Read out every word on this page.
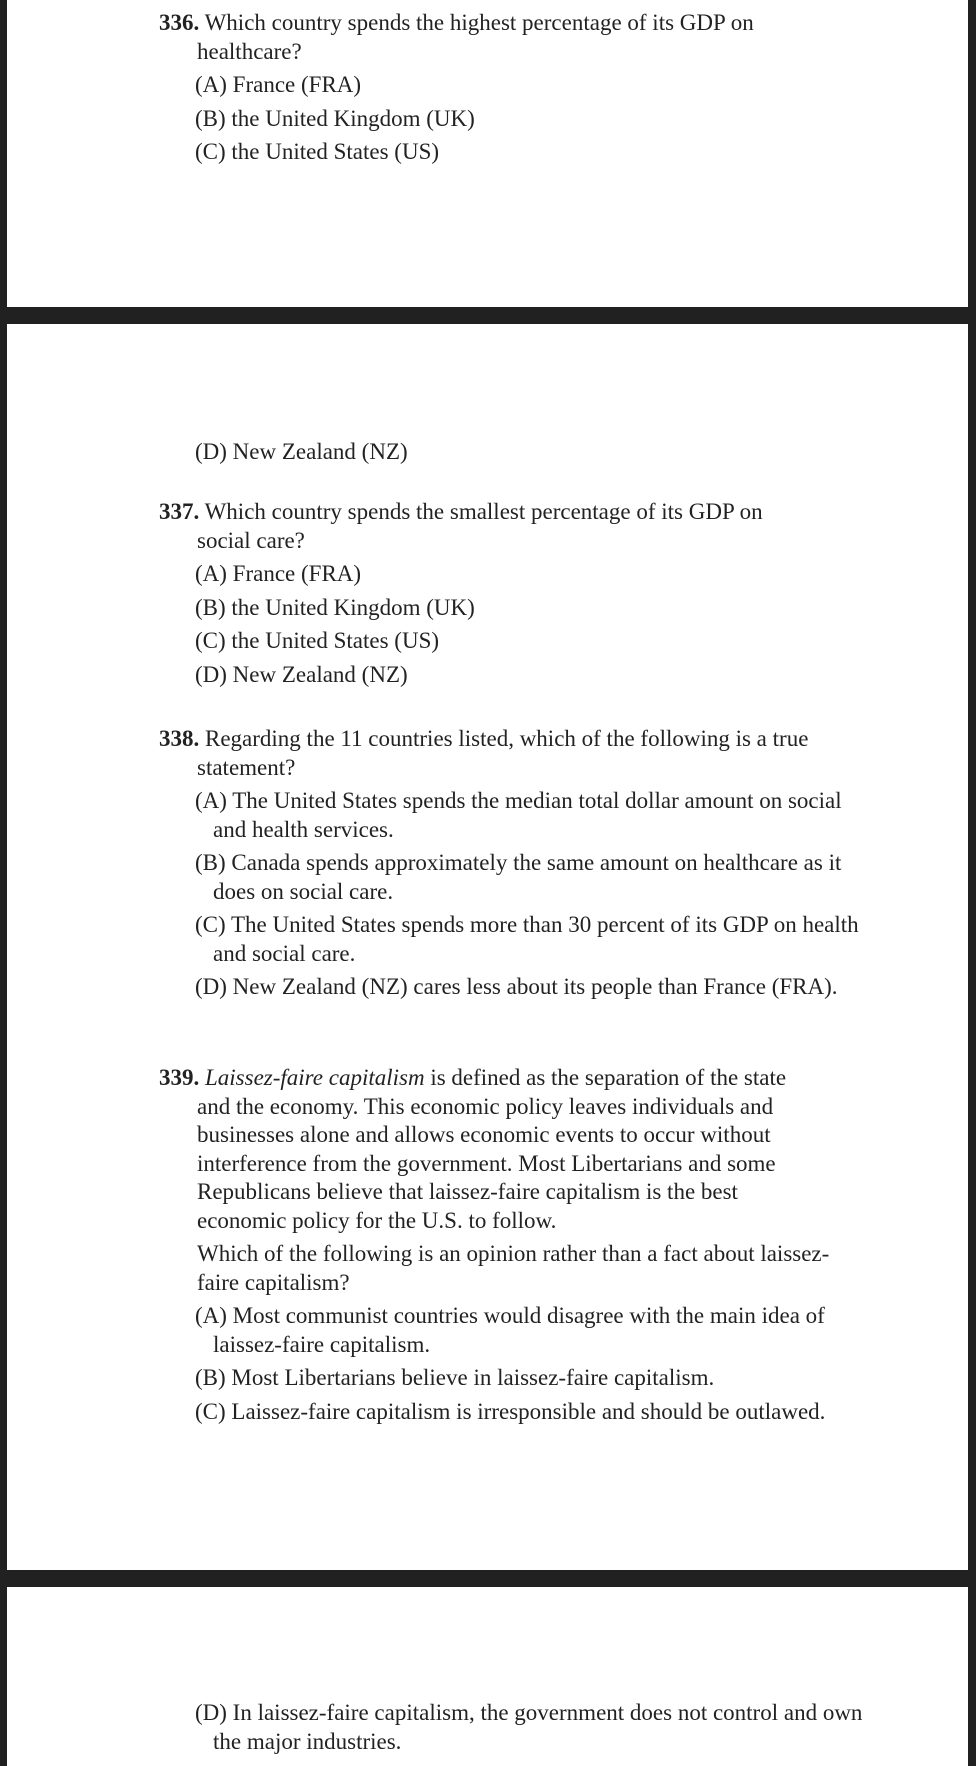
336. Which country spends the highest percentage of its GDP on healthcare?
(A) France (FRA)
(B) the United Kingdom (UK)
(C) the United States (US)
(D) New Zealand (NZ)
337. Which country spends the smallest percentage of its GDP on social care?
(A) France (FRA)
(B) the United Kingdom (UK)
(C) the United States (US)
(D) New Zealand (NZ)
338. Regarding the 11 countries listed, which of the following is a true statement?
(A) The United States spends the median total dollar amount on social and health services.
(B) Canada spends approximately the same amount on healthcare as it does on social care.
(C) The United States spends more than 30 percent of its GDP on health and social care.
(D) New Zealand (NZ) cares less about its people than France (FRA).
339. Laissez-faire capitalism is defined as the separation of the state and the economy. This economic policy leaves individuals and businesses alone and allows economic events to occur without interference from the government. Most Libertarians and some Republicans believe that laissez-faire capitalism is the best economic policy for the U.S. to follow.
Which of the following is an opinion rather than a fact about laissez-faire capitalism?
(A) Most communist countries would disagree with the main idea of laissez-faire capitalism.
(B) Most Libertarians believe in laissez-faire capitalism.
(C) Laissez-faire capitalism is irresponsible and should be outlawed.
(D) In laissez-faire capitalism, the government does not control and own the major industries.
